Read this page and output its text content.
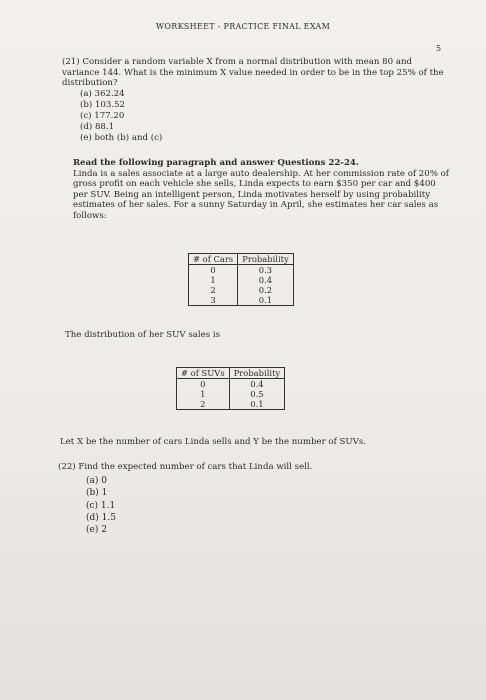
WORKSHEET - PRACTICE FINAL EXAM
5
(21) Consider a random variable X from a normal distribution with mean 80 and variance 144. What is the minimum X value needed in order to be in the top 25% of the distribution?
(a) 362.24
(b) 103.52
(c) 177.20
(d) 88.1
(e) both (b) and (c)
Read the following paragraph and answer Questions 22-24.
Linda is a sales associate at a large auto dealership. At her commission rate of 20% of gross profit on each vehicle she sells, Linda expects to earn $350 per car and $400 per SUV. Being an intelligent person, Linda motivates herself by using probability estimates of her sales. For a sunny Saturday in April, she estimates her car sales as follows:
# of Cars	Probability
0	0.3
1	0.4
2	0.2
3	0.1
The distribution of her SUV sales is
# of SUVs	Probability
0	0.4
1	0.5
2	0.1
Let X be the number of cars Linda sells and Y be the number of SUVs.
(22) Find the expected number of cars that Linda will sell.
(a) 0
(b) 1
(c) 1.1
(d) 1.5
(e) 2
